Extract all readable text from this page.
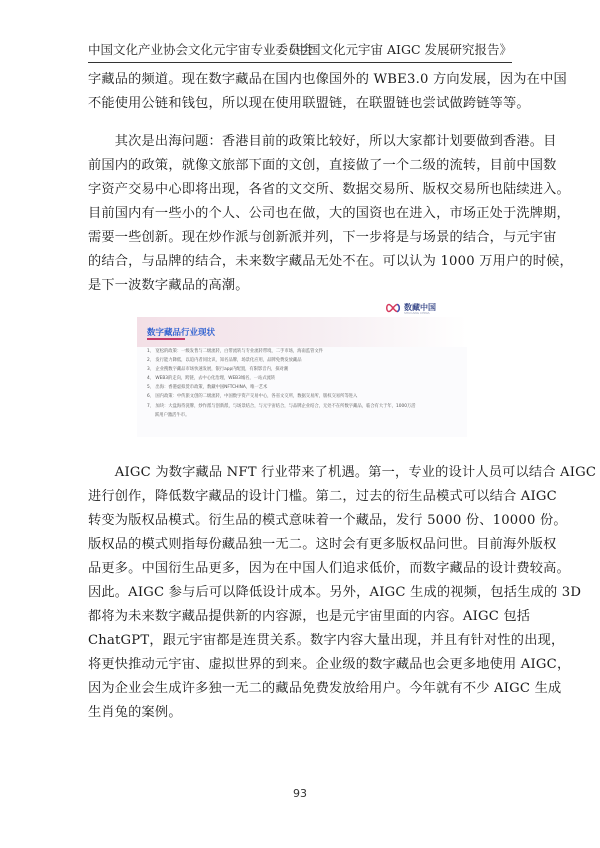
中国文化产业协会文化元宇宙专业委员会
《中国文化元宇宙 AIGC 发展研究报告》

字藏品的频道。现在数字藏品在国内也像国外的 WBE3.0 方向发展，因为在中国
不能使用公链和钱包，所以现在使用联盟链，在联盟链也尝试做跨链等等。

　　其次是出海问题：香港目前的政策比较好，所以大家都计划要做到香港。目
前国内的政策，就像文旅部下面的文创，直接做了一个二级的流转，目前中国数
字资产交易中心即将出现，各省的文交所、数据交易所、版权交易所也陆续进入。
目前国内有一些小的个人、公司也在做，大的国资也在进入，市场正处于洗牌期，
需要一些创新。现在炒作派与创新派并列，下一步将是与场景的结合，与元宇宙
的结合，与品牌的结合，未来数字藏品无处不在。可以认为 1000 万用户的时候，
是下一波数字藏品的高潮。

数藏中国
SHUCANG CHINA
数字藏品行业现状
1、 宽松的政策：一级发售与二级流转，白带流转与专业流转带境，二手市场，海南监管文件
2、 发行能力降低，以追内者同比识，知名品牌，场景化应用，品牌免费发放藏品
3、 企业搜数字藏品市场快速发展，银行app内配置，有限影音内，探对潮
4、 WEB3的走向，跨链，去中心化治理，WEB3城名，一站式流转
5、 出海：香港虚拟货币政策，数藏中国NFTCHINA，唯一艺术
6、 国内政策：中传旅文创的二级流转，中国数字资产交易中心，各省文交所，数据交易所，版权交易所等进入
7、 加块：大盘海待洗牌，炒作派与创新派，与场景结合，与元宇宙结合，与品牌企业结合，无处不在所数字藏品，临合有大于年，1000万活
跃用户激活牛市。

　　AIGC 为数字藏品 NFT 行业带来了机遇。第一，专业的设计人员可以结合 AIGC
进行创作，降低数字藏品的设计门槛。第二，过去的衍生品模式可以结合 AIGC
转变为版权品模式。衍生品的模式意味着一个藏品，发行 5000 份、10000 份。
版权品的模式则指每份藏品独一无二。这时会有更多版权品问世。目前海外版权
品更多。中国衍生品更多，因为在中国人们追求低价，而数字藏品的设计费较高。
因此。AIGC 参与后可以降低设计成本。另外，AIGC 生成的视频，包括生成的 3D
都将为未来数字藏品提供新的内容源，也是元宇宙里面的内容。AIGC 包括
ChatGPT，跟元宇宙都是连贯关系。数字内容大量出现，并且有针对性的出现，
将更快推动元宇宙、虚拟世界的到来。企业级的数字藏品也会更多地使用 AIGC，
因为企业会生成许多独一无二的藏品免费发放给用户。今年就有不少 AIGC 生成
生肖兔的案例。

93
